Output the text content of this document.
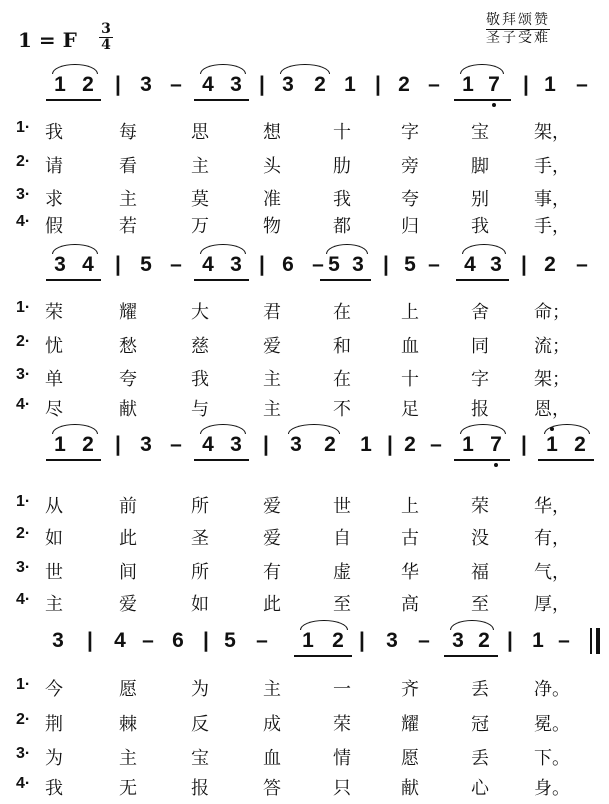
1 = F 3
4
敬拜颂赞
圣子受难
1 2	| 3 – 4 3 | 3 2 1 | 2 –	1 7	| 1 –
1· 我	每	思	想	十	字	宝	架，
2· 请	看	主	头	肋	旁	脚	手，
3· 求	主	莫	准	我	夸	别	事，
4· 假	若	万	物	都	归	我	手，
3 4	| 5 – 4 3 | 6 – 5 3 | 5 –	4 3 | 2 –
1· 荣	耀	大	君	在	上	舍	命；
2· 忧	愁	慈	爱	和	血	同	流；
3· 单	夸	我	主	在	十	字	架；
4· 尽	献	与	主	不	足	报	恩，
1 2	| 3 – 4 3	|	3	2	1 | 2 – 1 7 | 1 2
1· 从	前	所	爱	世	上	荣	华，
2· 如	此	圣	爱	自	古	没	有，
3· 世	间	所	有	虚	华	福	气，
4· 主	爱	如	此	至	高	至	厚，
3	|	4 – 6 | 5 –	1 2 |	3 –	3 2 | 1 –
1· 今	愿	为	主	一	齐	丢	净。
2· 荆	棘	反	成	荣	耀	冠	冕。
3· 为	主	宝	血	情	愿	丢	下。
4· 我	无	报	答	只	献	心	身。
